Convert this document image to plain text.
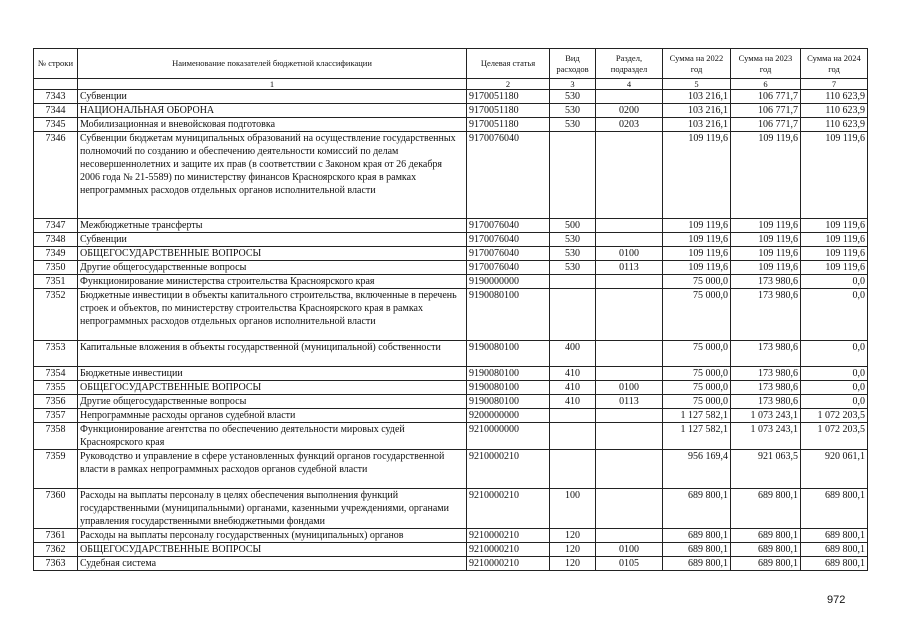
№ строки	Наименование показателей бюджетной классификации	Целевая статья	Вид расходов	Раздел, подраздел	Сумма на 2022 год	Сумма на 2023 год	Сумма на 2024 год
	1	2	3	4	5	6	7
7343	Субвенции	9170051180	530		103 216,1	106 771,7	110 623,9
7344	НАЦИОНАЛЬНАЯ ОБОРОНА	9170051180	530	0200	103 216,1	106 771,7	110 623,9
7345	Мобилизационная и вневойсковая подготовка	9170051180	530	0203	103 216,1	106 771,7	110 623,9
7346	Субвенции бюджетам муниципальных образований на осуществление государственных полномочий по созданию и обеспечению деятельности комиссий по делам несовершеннолетних и защите их прав (в соответствии с Законом края от 26 декабря 2006 года № 21-5589) по министерству финансов Красноярского края в рамках непрограммных расходов отдельных органов исполнительной власти	9170076040			109 119,6	109 119,6	109 119,6
7347	Межбюджетные трансферты	9170076040	500		109 119,6	109 119,6	109 119,6
7348	Субвенции	9170076040	530		109 119,6	109 119,6	109 119,6
7349	ОБЩЕГОСУДАРСТВЕННЫЕ ВОПРОСЫ	9170076040	530	0100	109 119,6	109 119,6	109 119,6
7350	Другие общегосударственные вопросы	9170076040	530	0113	109 119,6	109 119,6	109 119,6
7351	Функционирование министерства строительства Красноярского края	9190000000			75 000,0	173 980,6	0,0
7352	Бюджетные инвестиции в объекты капитального строительства, включенные в перечень строек и объектов, по министерству строительства Красноярского края в рамках непрограммных расходов отдельных органов исполнительной власти	9190080100			75 000,0	173 980,6	0,0
7353	Капитальные вложения в объекты государственной (муниципальной) собственности	9190080100	400		75 000,0	173 980,6	0,0
7354	Бюджетные инвестиции	9190080100	410		75 000,0	173 980,6	0,0
7355	ОБЩЕГОСУДАРСТВЕННЫЕ ВОПРОСЫ	9190080100	410	0100	75 000,0	173 980,6	0,0
7356	Другие общегосударственные вопросы	9190080100	410	0113	75 000,0	173 980,6	0,0
7357	Непрограммные расходы органов судебной власти	9200000000			1 127 582,1	1 073 243,1	1 072 203,5
7358	Функционирование агентства по обеспечению деятельности мировых судей Красноярского края	9210000000			1 127 582,1	1 073 243,1	1 072 203,5
7359	Руководство и управление в сфере установленных функций органов государственной власти в рамках непрограммных расходов органов судебной власти	9210000210			956 169,4	921 063,5	920 061,1
7360	Расходы на выплаты персоналу в целях обеспечения выполнения функций государственными (муниципальными) органами, казенными учреждениями, органами управления государственными внебюджетными фондами	9210000210	100		689 800,1	689 800,1	689 800,1
7361	Расходы на выплаты персоналу государственных (муниципальных) органов	9210000210	120		689 800,1	689 800,1	689 800,1
7362	ОБЩЕГОСУДАРСТВЕННЫЕ ВОПРОСЫ	9210000210	120	0100	689 800,1	689 800,1	689 800,1
7363	Судебная система	9210000210	120	0105	689 800,1	689 800,1	689 800,1
972
